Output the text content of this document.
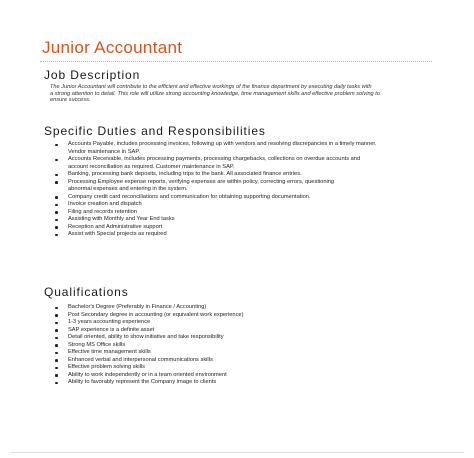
Junior Accountant
Job Description
The Junior Accountant will contribute to the efficient and effective workings of the finance department by executing daily tasks with
a strong attention to detail. This role will utilize strong accounting knowledge, time management skills and effective problem solving to
ensure success.
Specific Duties and Responsibilities
Accounts Payable, includes processing invoices, following up with vendors and resolving discrepancies in a timely manner.
Vendor maintenance in SAP.
Accounts Receivable, includes processing payments, processing chargebacks, collections on overdue accounts and
account reconciliation as required. Customer maintenance in SAP.
Banking, processing bank deposits, including trips to the bank. All associated finance entries.
Processing Employee expense reports, verifying expenses are within policy, correcting errors, questioning
abnormal expenses and entering in the system.
Company credit card reconciliations and communication for obtaining supporting documentation.
Invoice creation and dispatch
Filing and records retention
Assisting with Monthly and Year End tasks
Reception and Administrative support
Assist with Special projects as required
Qualifications
Bachelor's Degree (Preferably in Finance / Accounting)
Post Secondary degree in accounting (or equivalent work experience)
1-3 years accounting experience
SAP experience is a definite asset
Detail oriented, ability to show initiative and take responsibility
Strong MS Office skills
Effective time management skills
Enhanced verbal and interpersonal communications skills
Effective problem solving skills
Ability to work independently or in a team oriented environment
Ability to favorably represent the Company image to clients
